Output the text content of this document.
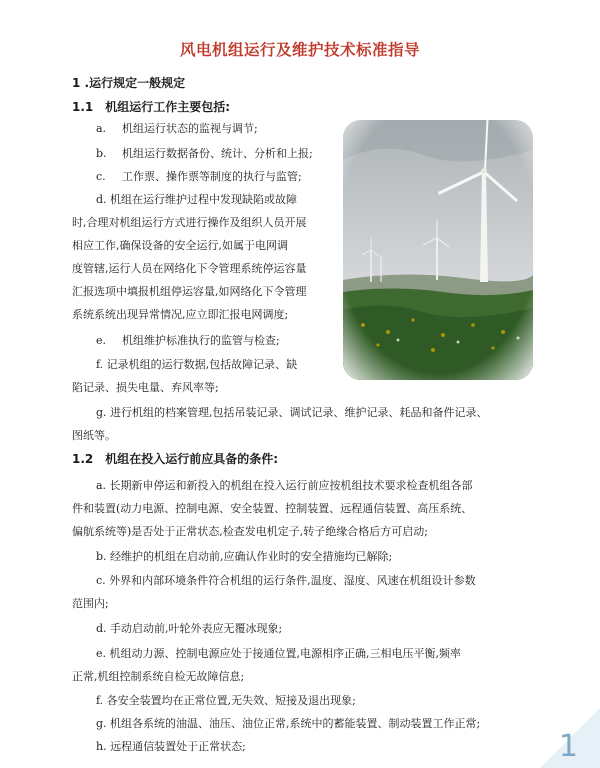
风电机组运行及维护技术标准指导
1 .运行规定一般规定
1.1 机组运行工作主要包括:
a. 机组运行状态的监视与调节;
b. 机组运行数据备份、统计、分析和上报;
c. 工作票、操作票等制度的执行与监管;
d. 机组在运行维护过程中发现缺陷或故障
时,合理对机组运行方式进行操作及组织人员开展
相应工作,确保设备的安全运行,如属于电网调
度管辖,运行人员在网络化下令管理系统停运容量
汇报选项中填报机组停运容量,如网络化下令管理
系统系统出现异常情况,应立即汇报电网调度;
e. 机组维护标准执行的监管与检查;
f. 记录机组的运行数据,包括故障记录、缺
陷记录、损失电量、弃风率等;
g. 进行机组的档案管理,包括吊装记录、调试记录、维护记录、耗品和备件记录、
图纸等。
1.2 机组在投入运行前应具备的条件:
a. 长期新申停运和新投入的机组在投入运行前应按机组技术要求检查机组各部
件和装置(动力电源、控制电源、安全装置、控制装置、远程通信装置、高压系统、
偏航系统等)是否处于正常状态,检查发电机定子,转子绝缘合格后方可启动;
b. 经维护的机组在启动前,应确认作业时的安全措施均已解除;
c. 外界和内部环境条件符合机组的运行条件,温度、湿度、风速在机组设计参数
范围内;
d. 手动启动前,叶轮外表应无覆冰现象;
e. 机组动力源、控制电源应处于接通位置,电源相序正确,三相电压平衡,频率
正常,机组控制系统自检无故障信息;
f. 各安全装置均在正常位置,无失效、短接及退出现象;
g. 机组各系统的油温、油压、油位正常,系统中的蓄能装置、制动装置工作正常;
h. 远程通信装置处于正常状态;	1
